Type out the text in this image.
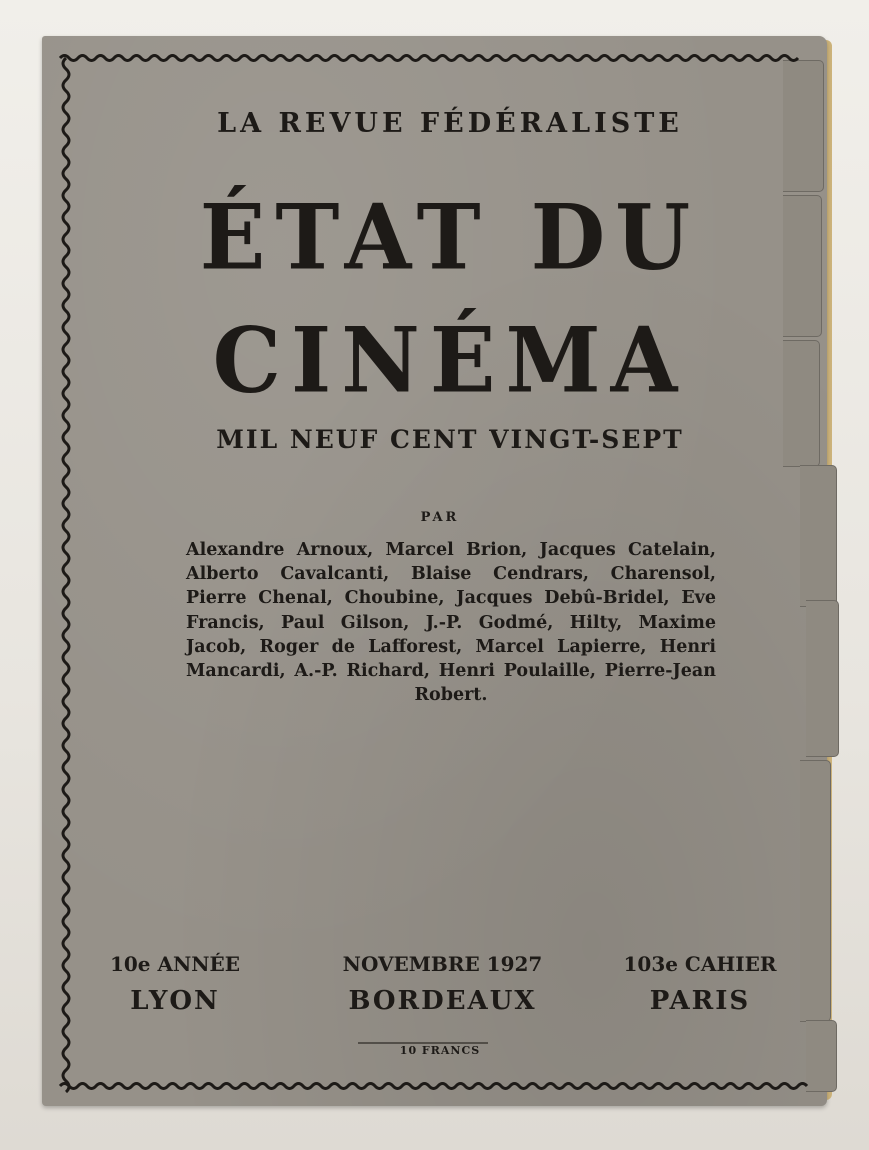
LA REVUE FÉDÉRALISTE
ÉTAT DU
CINÉMA
MIL NEUF CENT VINGT-SEPT
PAR
Alexandre Arnoux, Marcel Brion, Jacques Catelain, Alberto Cavalcanti, Blaise Cendrars, Charensol, Pierre Chenal, Choubine, Jacques Debû-Bridel, Eve Francis, Paul Gilson, J.-P. Godmé, Hilty, Maxime Jacob, Roger de Lafforest, Marcel Lapierre, Henri Mancardi, A.-P. Richard, Henri Poulaille, Pierre-Jean Robert.
10e ANNÉE
LYON
NOVEMBRE 1927
BORDEAUX
103e CAHIER
PARIS
10 FRANCS
